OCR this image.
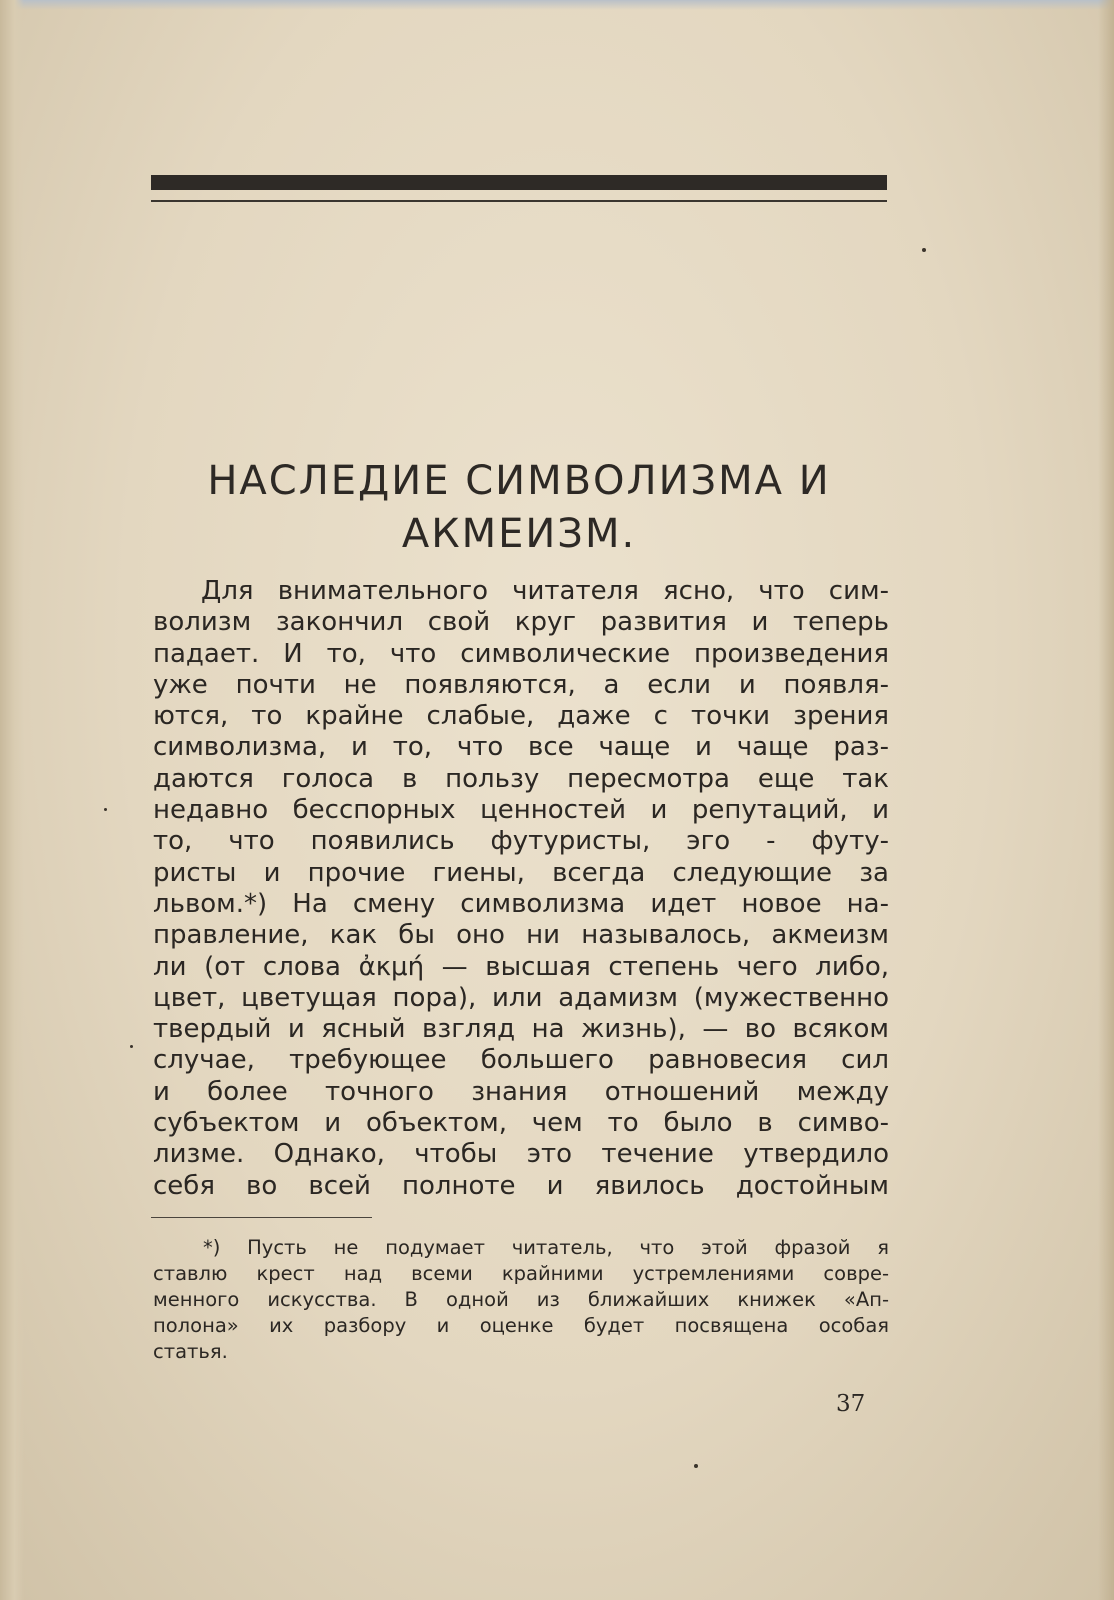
НАСЛЕДИЕ СИМВОЛИЗМА И
АКМЕИЗМ.
Для внимательного читателя ясно, что сим-
волизм закончил свой круг развития и теперь
падает. И то, что символические произведения
уже почти не появляются, а если и появля-
ются, то крайне слабые, даже с точки зрения
символизма, и то, что все чаще и чаще раз-
даются голоса в пользу пересмотра еще так
недавно бесспорных ценностей и репутаций, и
то, что появились футуристы, эго - футу-
ристы и прочие гиены, всегда следующие за
львом.*) На смену символизма идет новое на-
правление, как бы оно ни называлось, акмеизм
ли (от слова ἀκμή — высшая степень чего либо,
цвет, цветущая пора), или адамизм (мужественно
твердый и ясный взгляд на жизнь), — во всяком
случае, требующее большего равновесия сил
и более точного знания отношений между
субъектом и объектом, чем то было в симво-
лизме. Однако, чтобы это течение утвердило
себя во всей полноте и явилось достойным
*) Пусть не подумает читатель, что этой фразой я
ставлю крест над всеми крайними устремлениями совре-
менного искусства. В одной из ближайших книжек «Ап-
полона» их разбору и оценке будет посвящена особая
статья.
37
